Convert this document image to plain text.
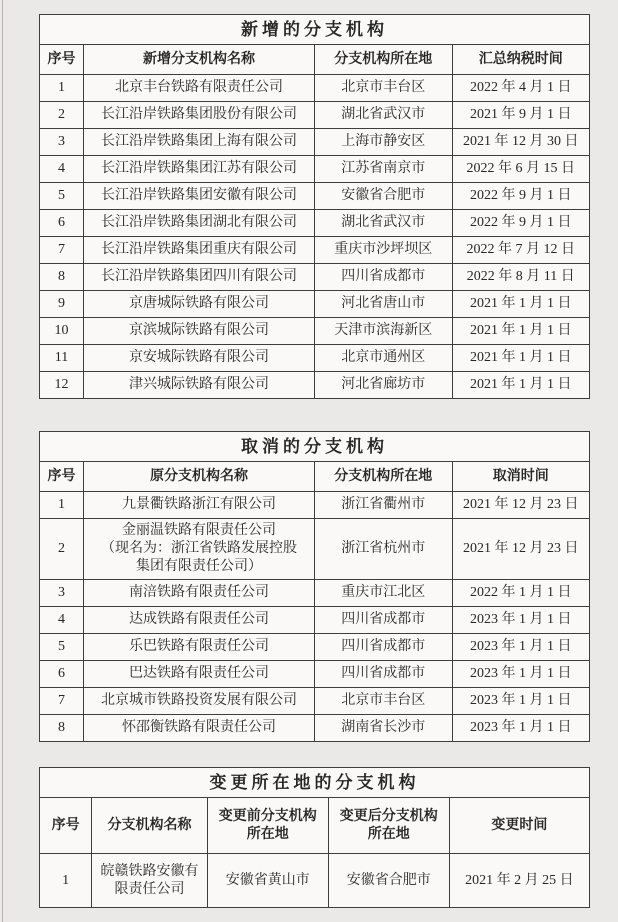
新增的分支机构			
序号	新增分支机构名称	分支机构所在地	汇总纳税时间
1	北京丰台铁路有限责任公司	北京市丰台区	2022 年 4 月 1 日
2	长江沿岸铁路集团股份有限公司	湖北省武汉市	2021 年 9 月 1 日
3	长江沿岸铁路集团上海有限公司	上海市静安区	2021 年 12 月 30 日
4	长江沿岸铁路集团江苏有限公司	江苏省南京市	2022 年 6 月 15 日
5	长江沿岸铁路集团安徽有限公司	安徽省合肥市	2022 年 9 月 1 日
6	长江沿岸铁路集团湖北有限公司	湖北省武汉市	2022 年 9 月 1 日
7	长江沿岸铁路集团重庆有限公司	重庆市沙坪坝区	2022 年 7 月 12 日
8	长江沿岸铁路集团四川有限公司	四川省成都市	2022 年 8 月 11 日
9	京唐城际铁路有限公司	河北省唐山市	2021 年 1 月 1 日
10	京滨城际铁路有限公司	天津市滨海新区	2021 年 1 月 1 日
11	京安城际铁路有限公司	北京市通州区	2021 年 1 月 1 日
12	津兴城际铁路有限公司	河北省廊坊市	2021 年 1 月 1 日
取消的分支机构			
序号	原分支机构名称	分支机构所在地	取消时间
1	九景衢铁路浙江有限公司	浙江省衢州市	2021 年 12 月 23 日
2	金丽温铁路有限责任公司
（现名为：浙江省铁路发展控股
集团有限责任公司）	浙江省杭州市	2021 年 12 月 23 日
3	南涪铁路有限责任公司	重庆市江北区	2022 年 1 月 1 日
4	达成铁路有限责任公司	四川省成都市	2023 年 1 月 1 日
5	乐巴铁路有限责任公司	四川省成都市	2023 年 1 月 1 日
6	巴达铁路有限责任公司	四川省成都市	2023 年 1 月 1 日
7	北京城市铁路投资发展有限公司	北京市丰台区	2023 年 1 月 1 日
8	怀邵衡铁路有限责任公司	湖南省长沙市	2023 年 1 月 1 日
变更所在地的分支机构				
序号	分支机构名称	变更前分支机构
所在地	变更后分支机构
所在地	变更时间
1	皖赣铁路安徽有
限责任公司	安徽省黄山市	安徽省合肥市	2021 年 2 月 25 日
